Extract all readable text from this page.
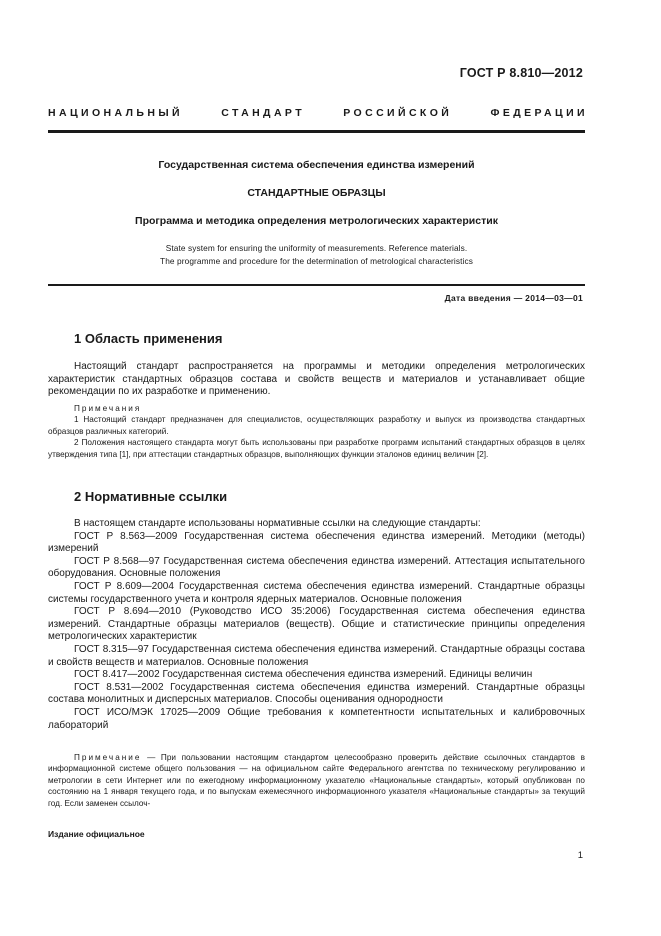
ГОСТ Р 8.810—2012
НАЦИОНАЛЬНЫЙ СТАНДАРТ РОССИЙСКОЙ ФЕДЕРАЦИИ
Государственная система обеспечения единства измерений
СТАНДАРТНЫЕ ОБРАЗЦЫ
Программа и методика определения метрологических характеристик
State system for ensuring the uniformity of measurements. Reference materials.
The programme and procedure for the determination of metrological characteristics
Дата введения — 2014—03—01
1 Область применения

Настоящий стандарт распространяется на программы и методики определения метрологических характеристик стандартных образцов состава и свойств веществ и материалов и устанавливает общие рекомендации по их разработке и применению.

Примечания

1 Настоящий стандарт предназначен для специалистов, осуществляющих разработку и выпуск из производства стандартных образцов различных категорий.

2 Положения настоящего стандарта могут быть использованы при разработке программ испытаний стандартных образцов в целях утверждения типа [1], при аттестации стандартных образцов, выполняющих функции эталонов единиц величин [2].

2 Нормативные ссылки

В настоящем стандарте использованы нормативные ссылки на следующие стандарты:

ГОСТ Р 8.563—2009 Государственная система обеспечения единства измерений. Методики (методы) измерений

ГОСТ Р 8.568—97 Государственная система обеспечения единства измерений. Аттестация испытательного оборудования. Основные положения

ГОСТ Р 8.609—2004 Государственная система обеспечения единства измерений. Стандартные образцы системы государственного учета и контроля ядерных материалов. Основные положения

ГОСТ Р 8.694—2010 (Руководство ИСО 35:2006) Государственная система обеспечения единства измерений. Стандартные образцы материалов (веществ). Общие и статистические принципы определения метрологических характеристик

ГОСТ 8.315—97 Государственная система обеспечения единства измерений. Стандартные образцы состава и свойств веществ и материалов. Основные положения

ГОСТ 8.417—2002 Государственная система обеспечения единства измерений. Единицы величин

ГОСТ 8.531—2002 Государственная система обеспечения единства измерений. Стандартные образцы состава монолитных и дисперсных материалов. Способы оценивания однородности

ГОСТ ИСО/МЭК 17025—2009 Общие требования к компетентности испытательных и калибровочных лабораторий

Примечание — При пользовании настоящим стандартом целесообразно проверить действие ссылочных стандартов в информационной системе общего пользования — на официальном сайте Федерального агентства по техническому регулированию и метрологии в сети Интернет или по ежегодному информационному указателю «Национальные стандарты», который опубликован по состоянию на 1 января текущего года, и по выпускам ежемесячного информационного указателя «Национальные стандарты» за текущий год. Если заменен ссылоч-

Издание официальное
1
